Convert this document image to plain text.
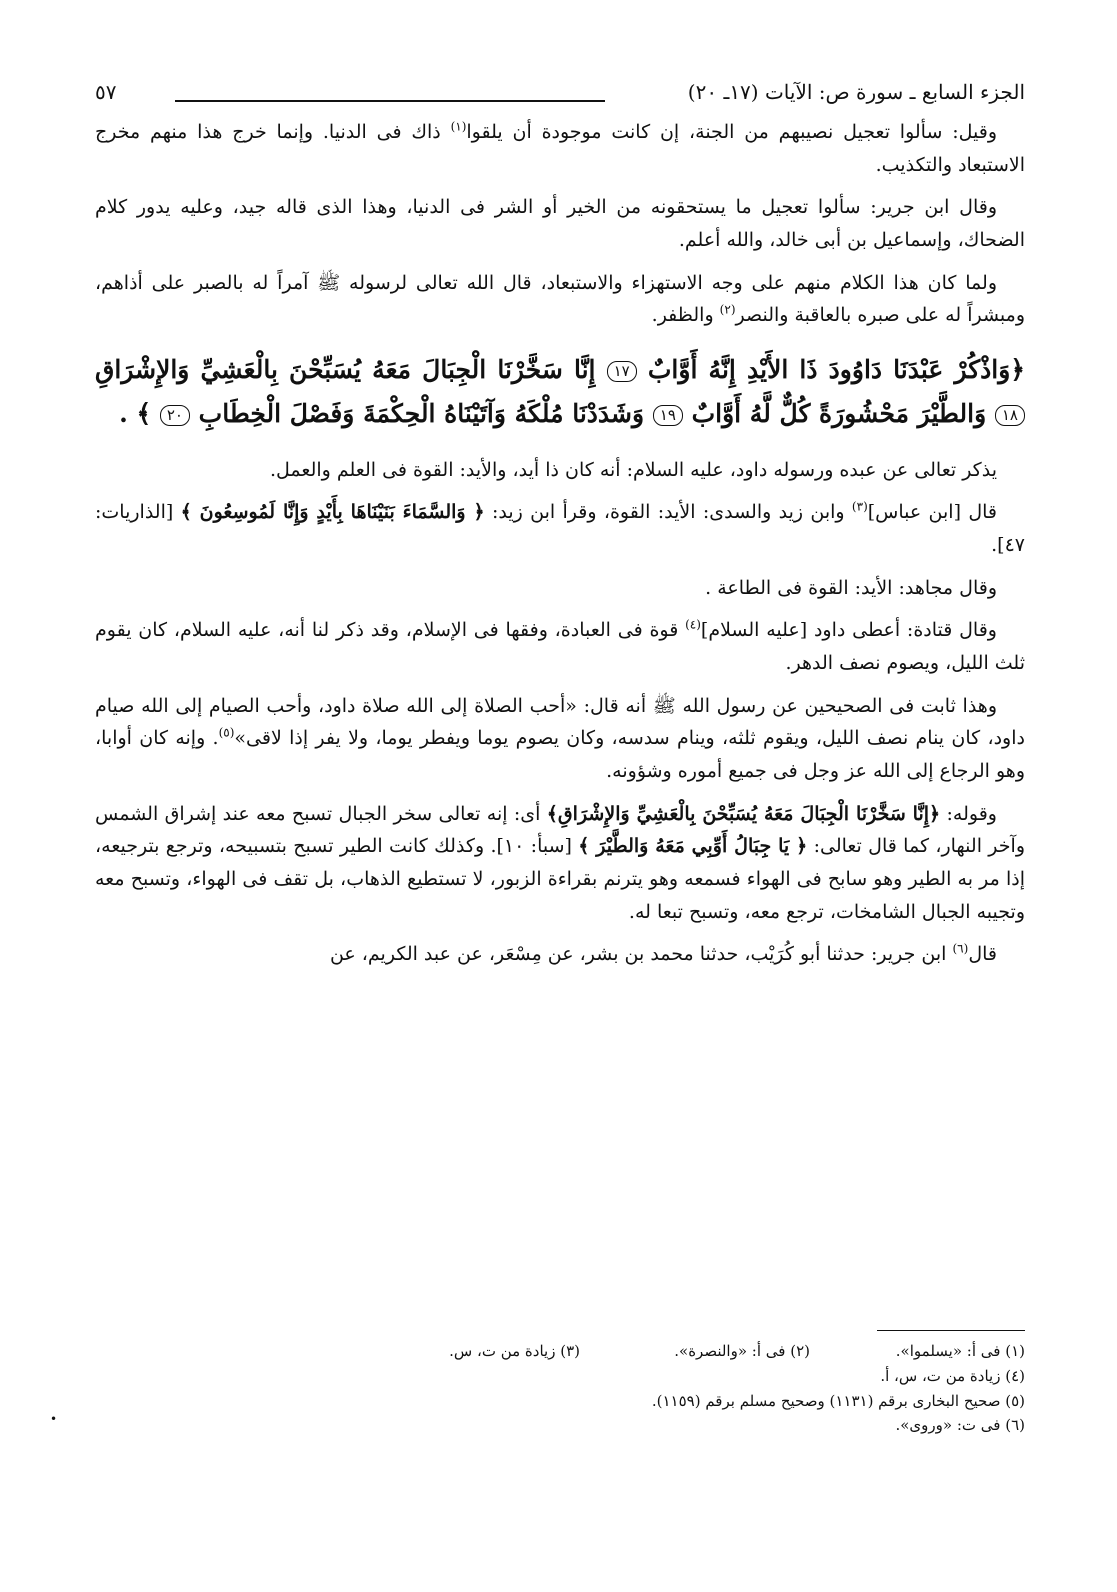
الجزء السابع ـ سورة ص: الآيات (١٧ـ ٢٠)
٥٧

وقيل: سألوا تعجيل نصيبهم من الجنة، إن كانت موجودة أن يلقوا$^{(١)}$ ذاك فى الدنيا. وإنما خرج هذا منهم مخرج الاستبعاد والتكذيب.

وقال ابن جرير: سألوا تعجيل ما يستحقونه من الخير أو الشر فى الدنيا، وهذا الذى قاله جيد، وعليه يدور كلام الضحاك، وإسماعيل بن أبى خالد، والله أعلم.

ولما كان هذا الكلام منهم على وجه الاستهزاء والاستبعاد، قال الله تعالى لرسوله ﷺ آمراً له بالصبر على أذاهم، ومبشراً له على صبره بالعاقبة والنصر$^{(٢)}$ والظفر.

﴿وَاذْكُرْ عَبْدَنَا دَاوُودَ ذَا الأَيْدِ إِنَّهُ أَوَّابٌ ١٧ إِنَّا سَخَّرْنَا الْجِبَالَ مَعَهُ يُسَبِّحْنَ بِالْعَشِيِّ وَالإِشْرَاقِ ١٨ وَالطَّيْرَ مَحْشُورَةً كُلٌّ لَّهُ أَوَّابٌ ١٩ وَشَدَدْنَا مُلْكَهُ وَآتَيْنَاهُ الْحِكْمَةَ وَفَصْلَ الْخِطَابِ ٢٠ ﴾ .

يذكر تعالى عن عبده ورسوله داود، عليه السلام: أنه كان ذا أيد، والأيد: القوة فى العلم والعمل.

قال [ابن عباس]$^{(٣)}$ وابن زيد والسدى: الأيد: القوة، وقرأ ابن زيد: ﴿ وَالسَّمَاءَ بَنَيْنَاهَا بِأَيْدٍ وَإِنَّا لَمُوسِعُونَ ﴾ [الذاريات: ٤٧].

وقال مجاهد: الأيد: القوة فى الطاعة .

وقال قتادة: أعطى داود [عليه السلام]$^{(٤)}$ قوة فى العبادة، وفقها فى الإسلام، وقد ذكر لنا أنه، عليه السلام، كان يقوم ثلث الليل، ويصوم نصف الدهر.

وهذا ثابت فى الصحيحين عن رسول الله ﷺ أنه قال: «أحب الصلاة إلى الله صلاة داود، وأحب الصيام إلى الله صيام داود، كان ينام نصف الليل، ويقوم ثلثه، وينام سدسه، وكان يصوم يوما ويفطر يوما، ولا يفر إذا لاقى»$^{(٥)}$. وإنه كان أوابا، وهو الرجاع إلى الله عز وجل فى جميع أموره وشؤونه.

وقوله: ﴿إِنَّا سَخَّرْنَا الْجِبَالَ مَعَهُ يُسَبِّحْنَ بِالْعَشِيِّ وَالإِشْرَاقِ﴾ أى: إنه تعالى سخر الجبال تسبح معه عند إشراق الشمس وآخر النهار، كما قال تعالى: ﴿ يَا جِبَالُ أَوِّبِي مَعَهُ وَالطَّيْرَ ﴾ [سبأ: ١٠]. وكذلك كانت الطير تسبح بتسبيحه، وترجع بترجيعه، إذا مر به الطير وهو سابح فى الهواء فسمعه وهو يترنم بقراءة الزبور، لا تستطيع الذهاب، بل تقف فى الهواء، وتسبح معه وتجيبه الجبال الشامخات، ترجع معه، وتسبح تبعا له.

قال$^{(٦)}$ ابن جرير: حدثنا أبو كُرَيْب، حدثنا محمد بن بشر، عن مِسْعَر، عن عبد الكريم، عن

(١) فى أ: «يسلموا».(٢) فى أ: «والنصرة».(٣) زيادة من ت، س.
(٤) زيادة من ت، س، أ.
(٥) صحيح البخارى برقم (١١٣١) وصحيح مسلم برقم (١١٥٩).
(٦) فى ت: «وروى».
•
